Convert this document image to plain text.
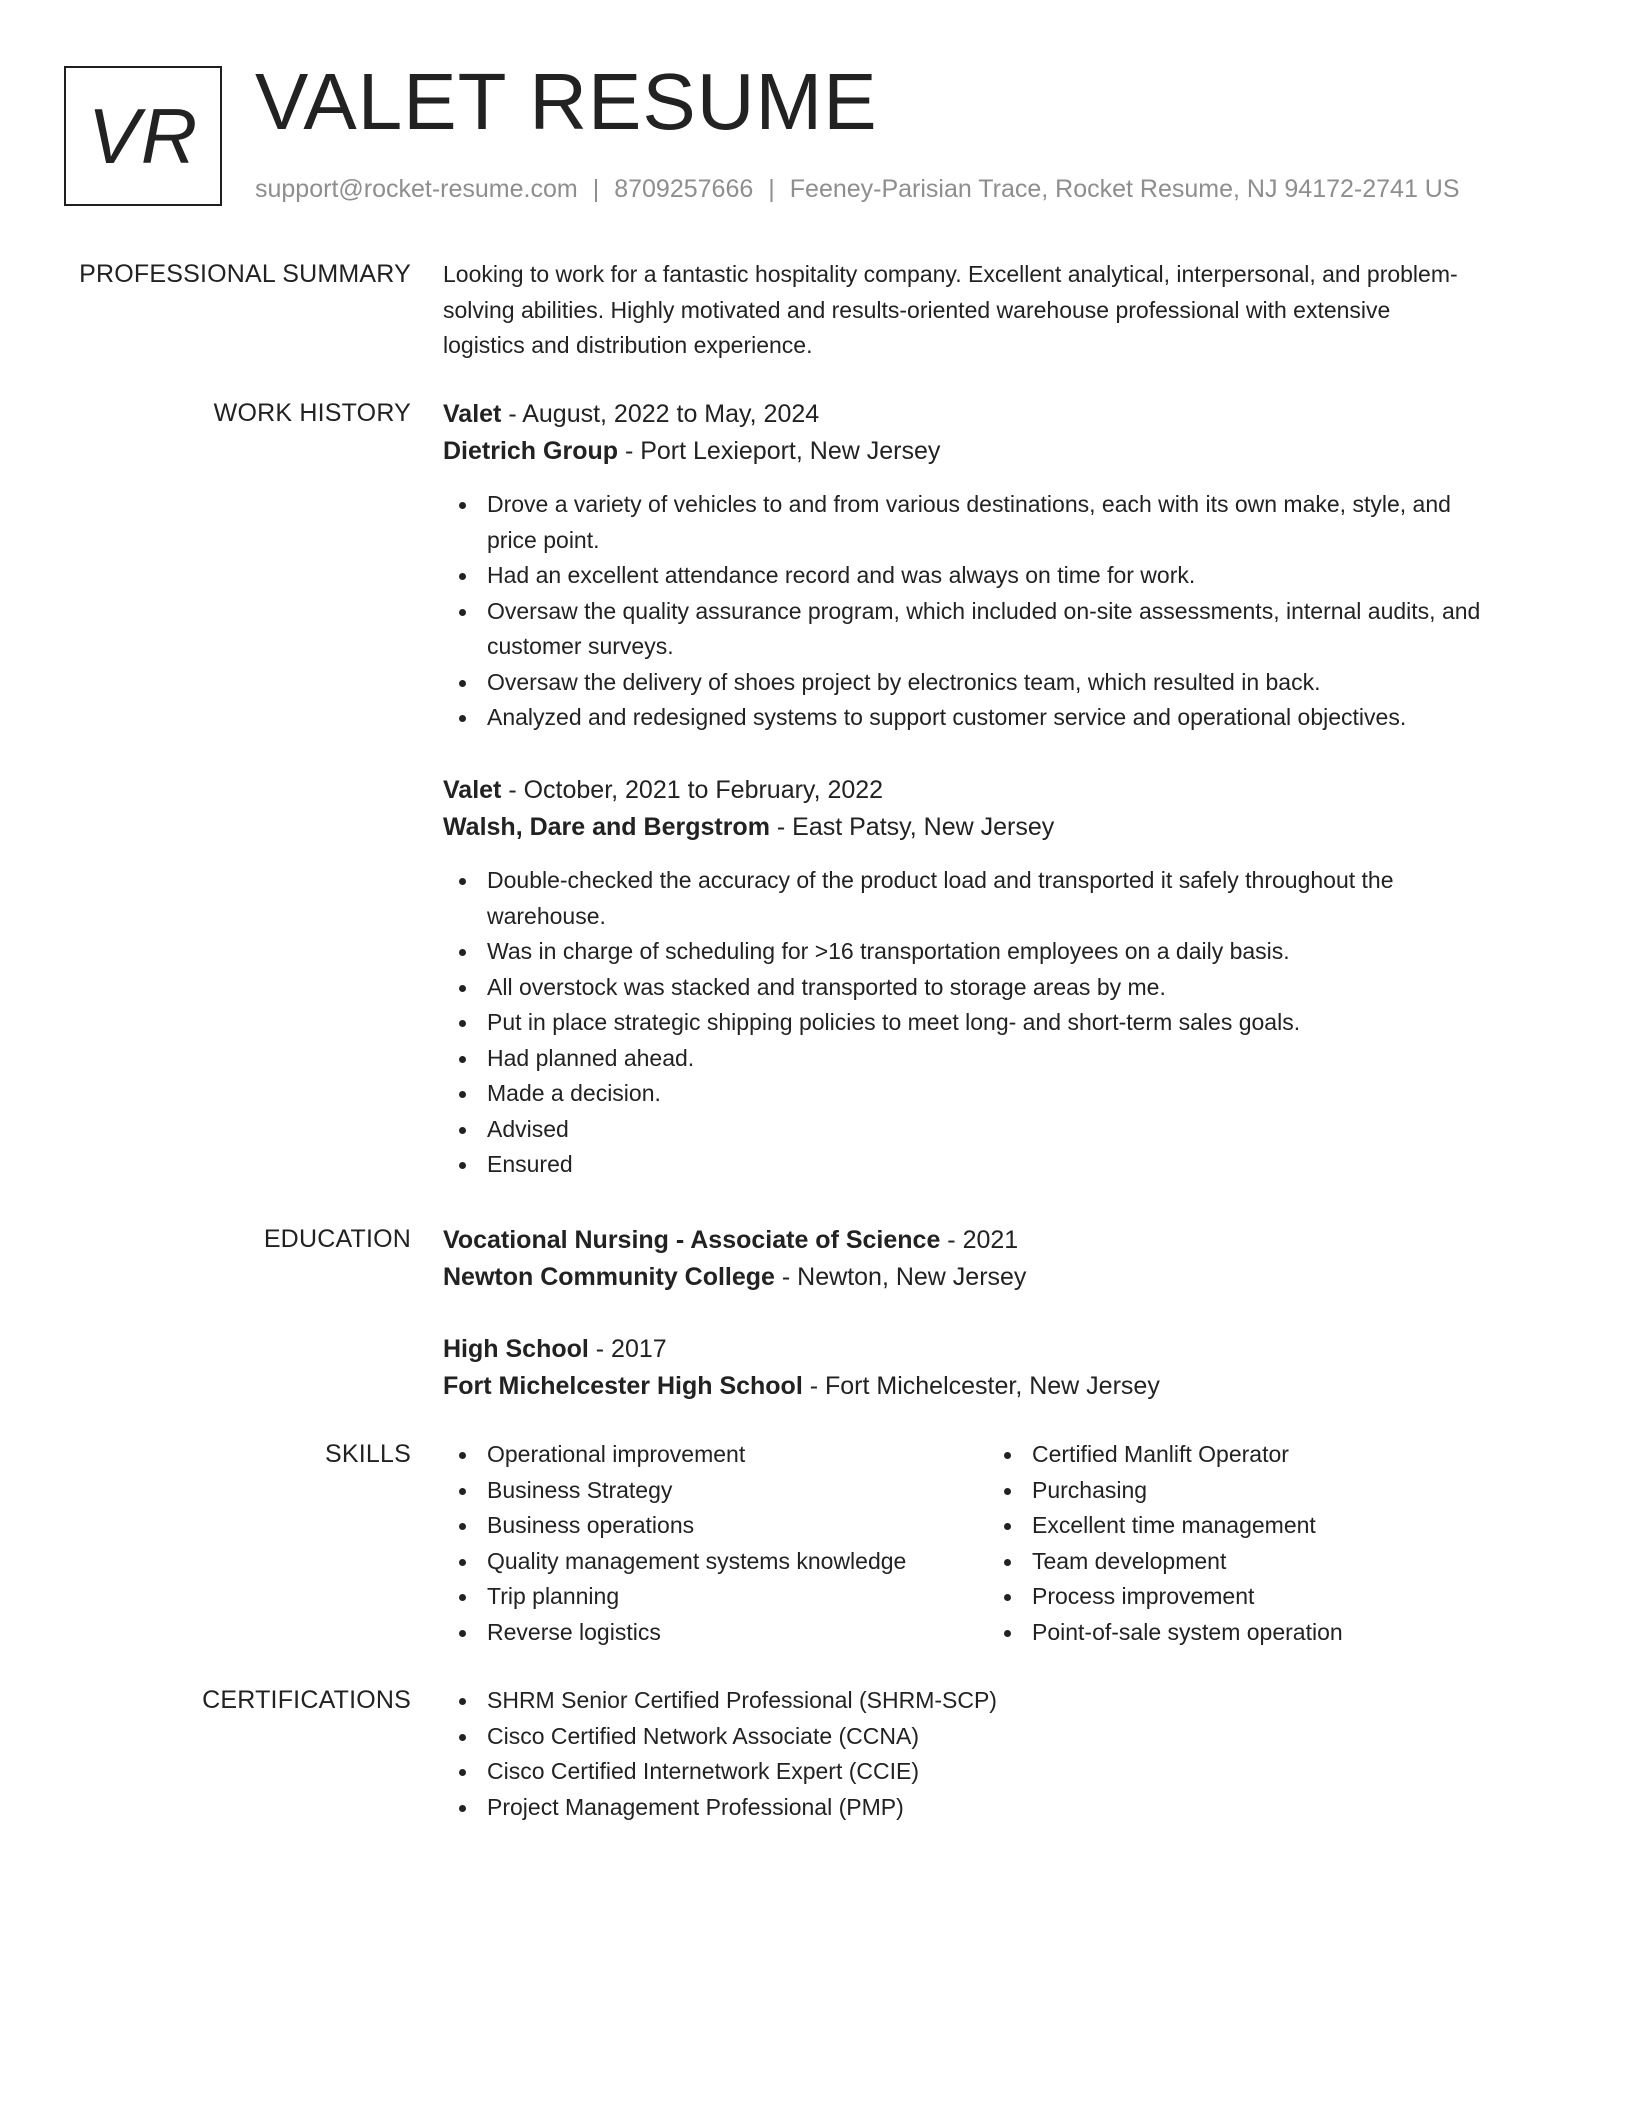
VR VALET RESUME
support@rocket-resume.com | 8709257666 | Feeney-Parisian Trace, Rocket Resume, NJ 94172-2741 US
PROFESSIONAL SUMMARY Looking to work for a fantastic hospitality company. Excellent analytical, interpersonal, and problem-
solving abilities. Highly motivated and results-oriented warehouse professional with extensive
logistics and distribution experience.

WORK HISTORY Valet - August, 2022 to May, 2024
Dietrich Group - Port Lexieport, New Jersey
Drove a variety of vehicles to and from various destinations, each with its own make, style, and
price point.
Had an excellent attendance record and was always on time for work.
Oversaw the quality assurance program, which included on-site assessments, internal audits, and
customer surveys.
Oversaw the delivery of shoes project by electronics team, which resulted in back.
Analyzed and redesigned systems to support customer service and operational objectives.
Valet - October, 2021 to February, 2022
Walsh, Dare and Bergstrom - East Patsy, New Jersey
Double-checked the accuracy of the product load and transported it safely throughout the
warehouse.
Was in charge of scheduling for >16 transportation employees on a daily basis.
All overstock was stacked and transported to storage areas by me.
Put in place strategic shipping policies to meet long- and short-term sales goals.
Had planned ahead.
Made a decision.
Advised
Ensured
EDUCATION Vocational Nursing - Associate of Science - 2021
Newton Community College - Newton, New Jersey
High School - 2017
Fort Michelcester High School - Fort Michelcester, New Jersey
SKILLS	Operational improvement
Business Strategy
Business operations
Quality management systems knowledge
Trip planning
Reverse logistics
Certified Manlift Operator
Purchasing
Excellent time management
Team development
Process improvement
Point-of-sale system operation
CERTIFICATIONS	SHRM Senior Certified Professional (SHRM-SCP)
Cisco Certified Network Associate (CCNA)
Cisco Certified Internetwork Expert (CCIE)
Project Management Professional (PMP)
